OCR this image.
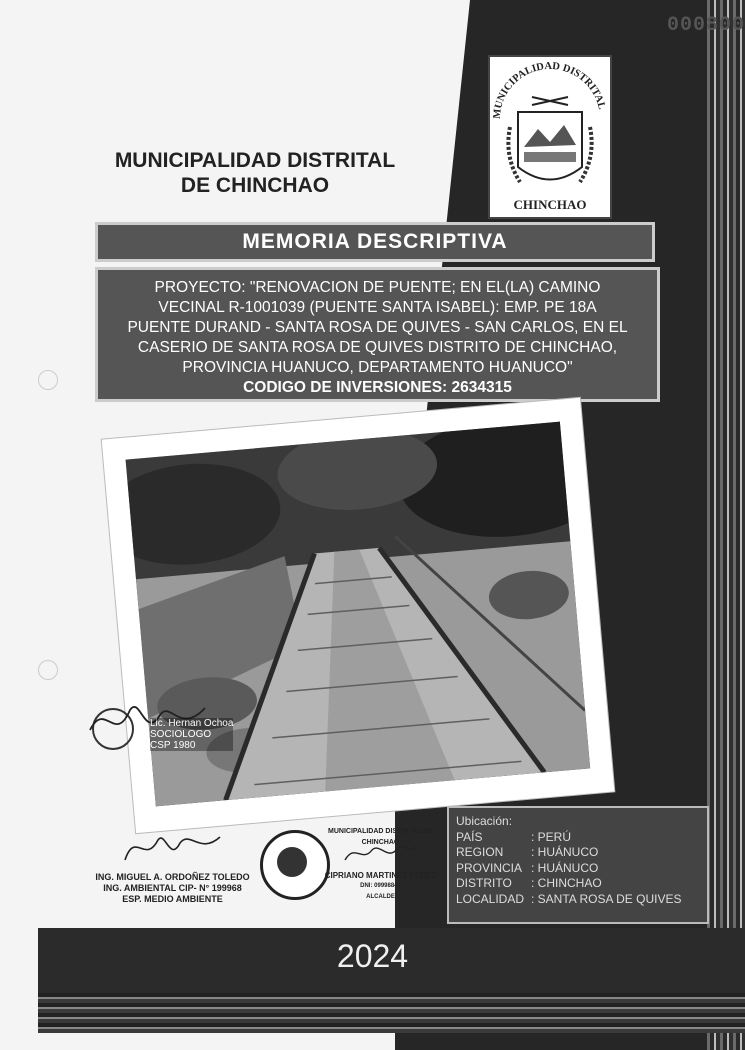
000800
MUNICIPALIDAD DISTRITAL
DE CHINCHAO
MUNICIPALIDAD DISTRITAL
CHINCHAO
MEMORIA DESCRIPTIVA
PROYECTO: "RENOVACION DE PUENTE; EN EL(LA) CAMINO
VECINAL R-1001039 (PUENTE SANTA ISABEL): EMP. PE 18A
PUENTE DURAND - SANTA ROSA DE QUIVES - SAN CARLOS, EN EL
CASERIO DE SANTA ROSA DE QUIVES DISTRITO DE CHINCHAO,
PROVINCIA HUANUCO, DEPARTAMENTO HUANUCO"
CODIGO DE INVERSIONES: 2634315
Lic. Hernan Ochoa
SOCIOLOGO
CSP 1980
ING. MIGUEL A. ORDOÑEZ TOLEDO
ING. AMBIENTAL CIP- N° 199968
ESP. MEDIO AMBIENTE
MUNICIPALIDAD DISTRITAL DE CHINCHAO
CIPRIANO MARTINEZ PEREZ
DNI: 09998844
ALCALDE
Ubicación:
PAÍS	: PERÚ
REGION : HUÁNUCO
PROVINCIA : HUÁNUCO
DISTRITO : CHINCHAO
LOCALIDAD : SANTA ROSA DE QUIVES
2024
